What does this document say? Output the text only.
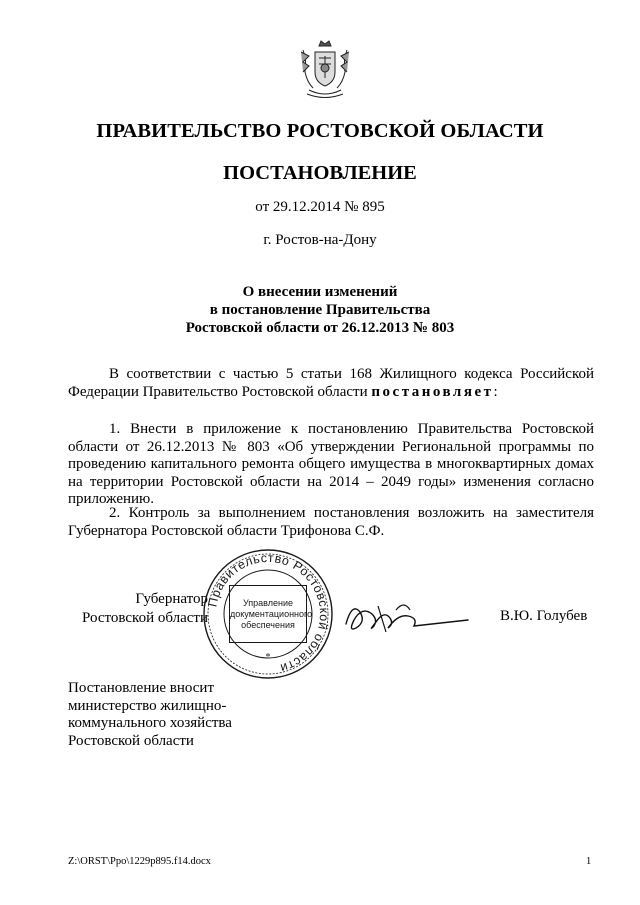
ПРАВИТЕЛЬСТВО РОСТОВСКОЙ ОБЛАСТИ
ПОСТАНОВЛЕНИЕ
от 29.12.2014 № 895
г. Ростов-на-Дону
О внесении изменений
в постановление Правительства
Ростовской области от 26.12.2013 № 803
В соответствии с частью 5 статьи 168 Жилищного кодекса Российской Федерации Правительство Ростовской области постановляет:
1. Внести в приложение к постановлению Правительства Ростовской области от 26.12.2013 № 803 «Об утверждении Региональной программы по проведению капитального ремонта общего имущества в многоквартирных домах на территории Ростовской области на 2014 – 2049 годы» изменения согласно приложению.
2. Контроль за выполнением постановления возложить на заместителя Губернатора Ростовской области Трифонова С.Ф.
Губернатор
Ростовской области
Правительство Ростовской области
*
Управление
документационного
обеспечения
В.Ю. Голубев
Постановление вносит
министерство жилищно-
коммунального хозяйства
Ростовской области
Z:\ORST\Ppo\1229p895.f14.docx	1
